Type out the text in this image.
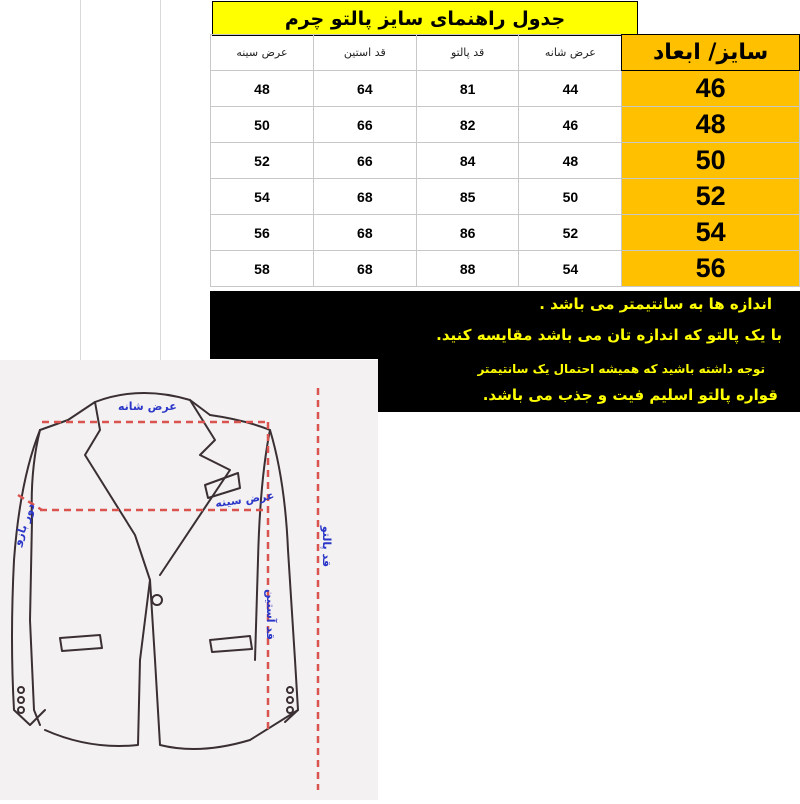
جدول راهنمای سایز پالتو چرم
سایز/ ابعاد	عرض شانه	قد پالتو	قد استین	عرض سینه
46	44	81	64	48
48	46	82	66	50
50	48	84	66	52
52	50	85	68	54
54	52	86	68	56
56	54	88	68	58
اندازه ها به سانتیمتر می باشد .
با یک پالتو که اندازه تان می باشد مقایسه کنید.
توجه داشته باشید که همیشه احتمال یک سانتیمتر
قواره پالتو اسلیم فیت و جذب می باشد.
عرض شانه
عرض سینه
دور بازو
قد آستین
قد پالتو
